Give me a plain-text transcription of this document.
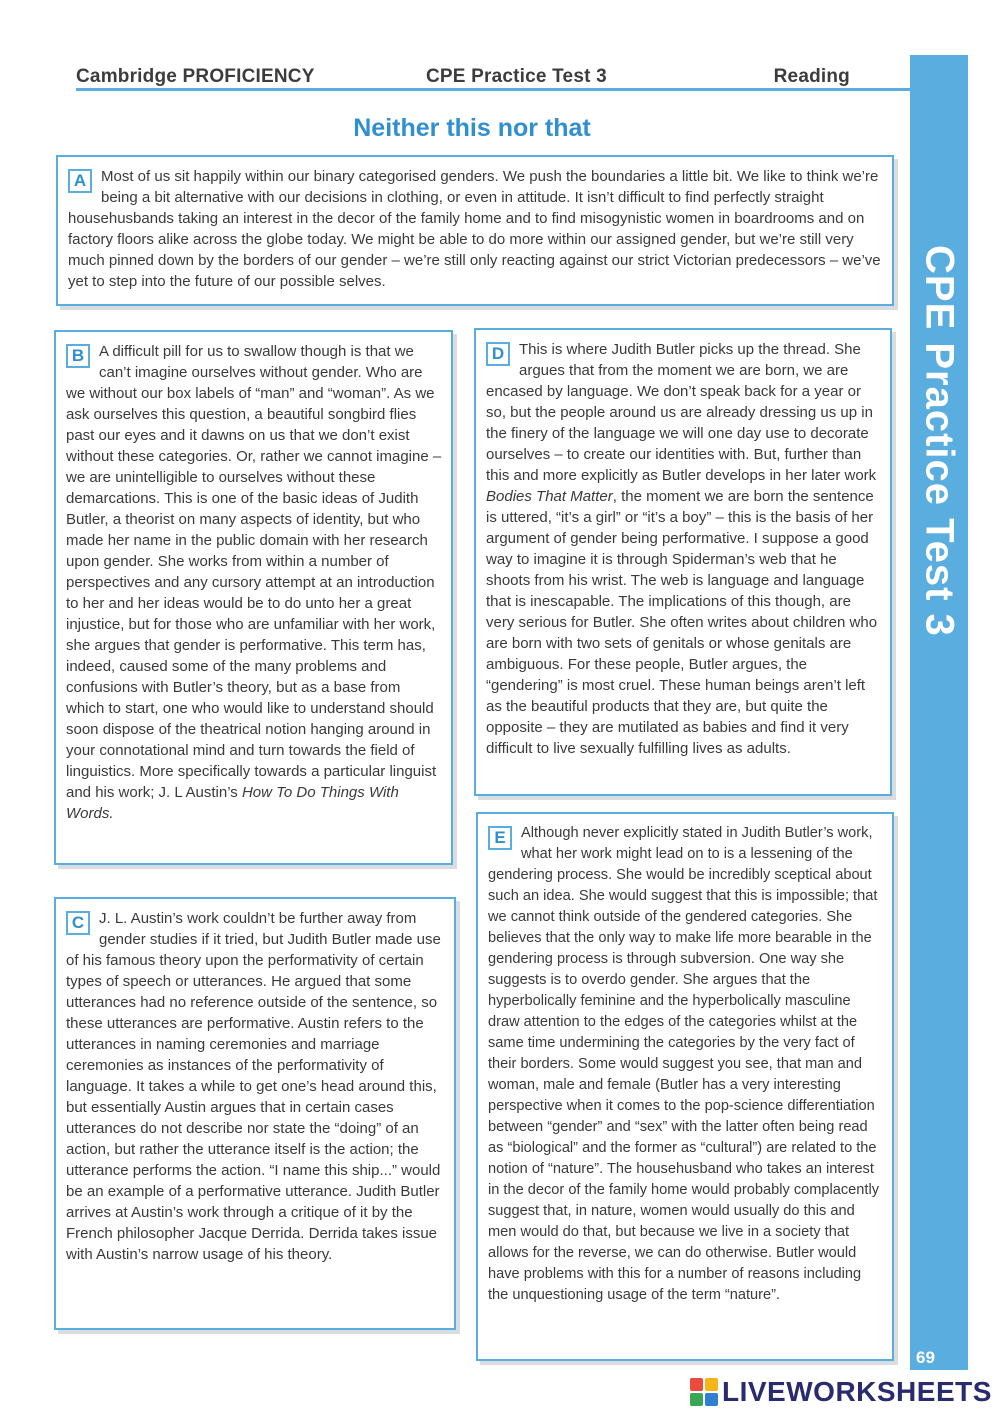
Cambridge PROFICIENCY	CPE Practice Test 3	Reading
CPE Practice Test 3
69
Neither this nor that
A Most of us sit happily within our binary categorised genders. We push the boundaries a little bit. We like to think we’re being a bit alternative with our decisions in clothing, or even in attitude. It isn’t difficult to find perfectly straight househusbands taking an interest in the decor of the family home and to find misogynistic women in boardrooms and on factory floors alike across the globe today. We might be able to do more within our assigned gender, but we’re still very much pinned down by the borders of our gender – we’re still only reacting against our strict Victorian predecessors – we’ve yet to step into the future of our possible selves.

B A difficult pill for us to swallow though is that we can’t imagine ourselves without gender. Who are we without our box labels of “man” and “woman”. As we ask ourselves this question, a beautiful songbird flies past our eyes and it dawns on us that we don’t exist without these categories. Or, rather we cannot imagine – we are unintelligible to ourselves without these demarcations. This is one of the basic ideas of Judith Butler, a theorist on many aspects of identity, but who made her name in the public domain with her research upon gender. She works from within a number of perspectives and any cursory attempt at an introduction to her and her ideas would be to do unto her a great injustice, but for those who are unfamiliar with her work, she argues that gender is performative. This term has, indeed, caused some of the many problems and confusions with Butler’s theory, but as a base from which to start, one who would like to understand should soon dispose of the theatrical notion hanging around in your connotational mind and turn towards the field of linguistics. More specifically towards a particular linguist and his work; J. L Austin’s How To Do Things With Words.

C J. L. Austin’s work couldn’t be further away from gender studies if it tried, but Judith Butler made use of his famous theory upon the performativity of certain types of speech or utterances. He argued that some utterances had no reference outside of the sentence, so these utterances are performative. Austin refers to the utterances in naming ceremonies and marriage ceremonies as instances of the performativity of language. It takes a while to get one’s head around this, but essentially Austin argues that in certain cases utterances do not describe nor state the “doing” of an action, but rather the utterance itself is the action; the utterance performs the action. “I name this ship...” would be an example of a performative utterance. Judith Butler arrives at Austin’s work through a critique of it by the French philosopher Jacque Derrida. Derrida takes issue with Austin’s narrow usage of his theory.

D This is where Judith Butler picks up the thread. She argues that from the moment we are born, we are encased by language. We don’t speak back for a year or so, but the people around us are already dressing us up in the finery of the language we will one day use to decorate ourselves – to create our identities with. But, further than this and more explicitly as Butler develops in her later work Bodies That Matter, the moment we are born the sentence is uttered, “it’s a girl” or “it’s a boy” – this is the basis of her argument of gender being performative. I suppose a good way to imagine it is through Spiderman’s web that he shoots from his wrist. The web is language and language that is inescapable. The implications of this though, are very serious for Butler. She often writes about children who are born with two sets of genitals or whose genitals are ambiguous. For these people, Butler argues, the “gendering” is most cruel. These human beings aren’t left as the beautiful products that they are, but quite the opposite – they are mutilated as babies and find it very difficult to live sexually fulfilling lives as adults.

E	Although never explicitly stated in Judith Butler’s work, what her work might lead on to is a lessening of the gendering process. She would be incredibly sceptical about such an idea. She would suggest that this is impossible; that we cannot think outside of the gendered categories. She believes that the only way to make life more bearable in the gendering process is through subversion. One way she suggests is to overdo gender. She argues that the hyperbolically feminine and the hyperbolically masculine draw attention to the edges of the categories whilst at the same time undermining the categories by the very fact of their borders. Some would suggest you see, that man and woman, male and female (Butler has a very interesting perspective when it comes to the pop-science differentiation between “gender” and “sex” with the latter often being read as “biological” and the former as “cultural”) are related to the notion of “nature”. The househusband who takes an interest in the decor of the family home would probably complacently suggest that, in nature, women would usually do this and men would do that, but because we live in a society that allows for the reverse, we can do otherwise. Butler would have problems with this for a number of reasons including the unquestioning usage of the term “nature”.

LIVEWORKSHEETS
